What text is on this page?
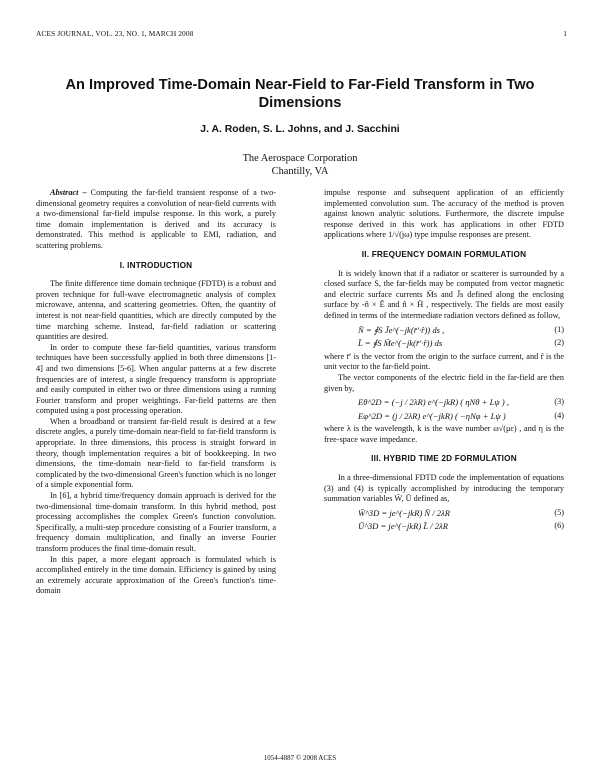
ACES JOURNAL, VOL. 23, NO. 1, MARCH 2008	1
An Improved Time-Domain Near-Field to Far-Field Transform in Two Dimensions
J. A. Roden, S. L. Johns, and J. Sacchini
The Aerospace Corporation
Chantilly, VA

Abstract – Computing the far-field transient response of a two-dimensional geometry requires a convolution of near-field currents with a two-dimensional far-field impulse response. In this work, a purely time domain implementation is derived and its accuracy is demonstrated. This method is applicable to EMI, radiation, and scattering problems.

I. INTRODUCTION

The finite difference time domain technique (FDTD) is a robust and proven technique for full-wave electromagnetic analysis of complex microwave, antenna, and scattering geometries. Often, the quantity of interest is not near-field quantities, which are directly computed by the time marching scheme. Instead, far-field radiation or scattering quantities are desired.

In order to compute these far-field quantities, various transform techniques have been successfully applied in both three dimensions [1-4] and two dimensions [5-6]. When angular patterns at a few discrete frequencies are of interest, a single frequency transform is appropriate and easily computed in either two or three dimensions using a running Fourier transform and proper weightings. Far-field patterns are then computed using a post processing operation.

When a broadband or transient far-field result is desired at a few discrete angles, a purely time-domain near-field to far-field transform is appropriate. In three dimensions, this process is straight forward in theory, though implementation requires a bit of bookkeeping. In two dimensions, the time-domain near-field to far-field transform is complicated by the two-dimensional Green's function which is no longer of a simple exponential form.

In [6], a hybrid time/frequency domain approach is derived for the two-dimensional time-domain transform. In this hybrid method, post processing accomplishes the complex Green's function convolution. Specifically, a multi-step procedure consisting of a Fourier transform, a frequency domain multiplication, and finally an inverse Fourier transform produces the final time-domain result.

In this paper, a more elegant approach is formulated which is accomplished entirely in the time domain. Efficiency is gained by using an extremely accurate approximation of the Green's function's time-domain

impulse response and subsequent application of an efficiently implemented convolution sum. The accuracy of the method is proven against known analytic solutions. Furthermore, the discrete impulse response derived in this work has applications in other FDTD applications where 1/√(jω) type impulse responses are present.

II. FREQUENCY DOMAIN FORMULATION

It is widely known that if a radiator or scatterer is surrounded by a closed surface S, the far-fields may be computed from vector magnetic and electric surface currents M̄s and J̄s defined along the enclosing surface by -n̂ × Ē and n̂ × H̄ , respectively. The fields are most easily defined in terms of the intermediate radiation vectors defined as follow,

N̄ = ∮S J̄e^(−jk(r̄′·r̂)) ds ,	(1)
L̄ = ∮S M̄e^(−jk(r̄′·r̂)) ds	(2)

where r̄′ is the vector from the origin to the surface current, and r̂ is the unit vector to the far-field point.

The vector components of the electric field in the far-field are then given by,

Eθ^2D = (−j / 2λR) e^(−jkR) ( ηNθ + Lψ ) ,	(3)
Eφ^2D = (j / 2λR) e^(−jkR) ( −ηNφ + Lψ )	(4)

where λ is the wavelength, k is the wave number ω√(με) , and η is the free-space wave impedance.

III. HYBRID TIME 2D FORMULATION

In a three-dimensional FDTD code the implementation of equations (3) and (4) is typically accomplished by introducing the temporary summation variables W̄, Ū defined as,

W̄^3D = je^(−jkR) N̄ / 2λR	(5)
Ū^3D = je^(−jkR) L̄ / 2λR	(6)
1054-4887 © 2008 ACES
